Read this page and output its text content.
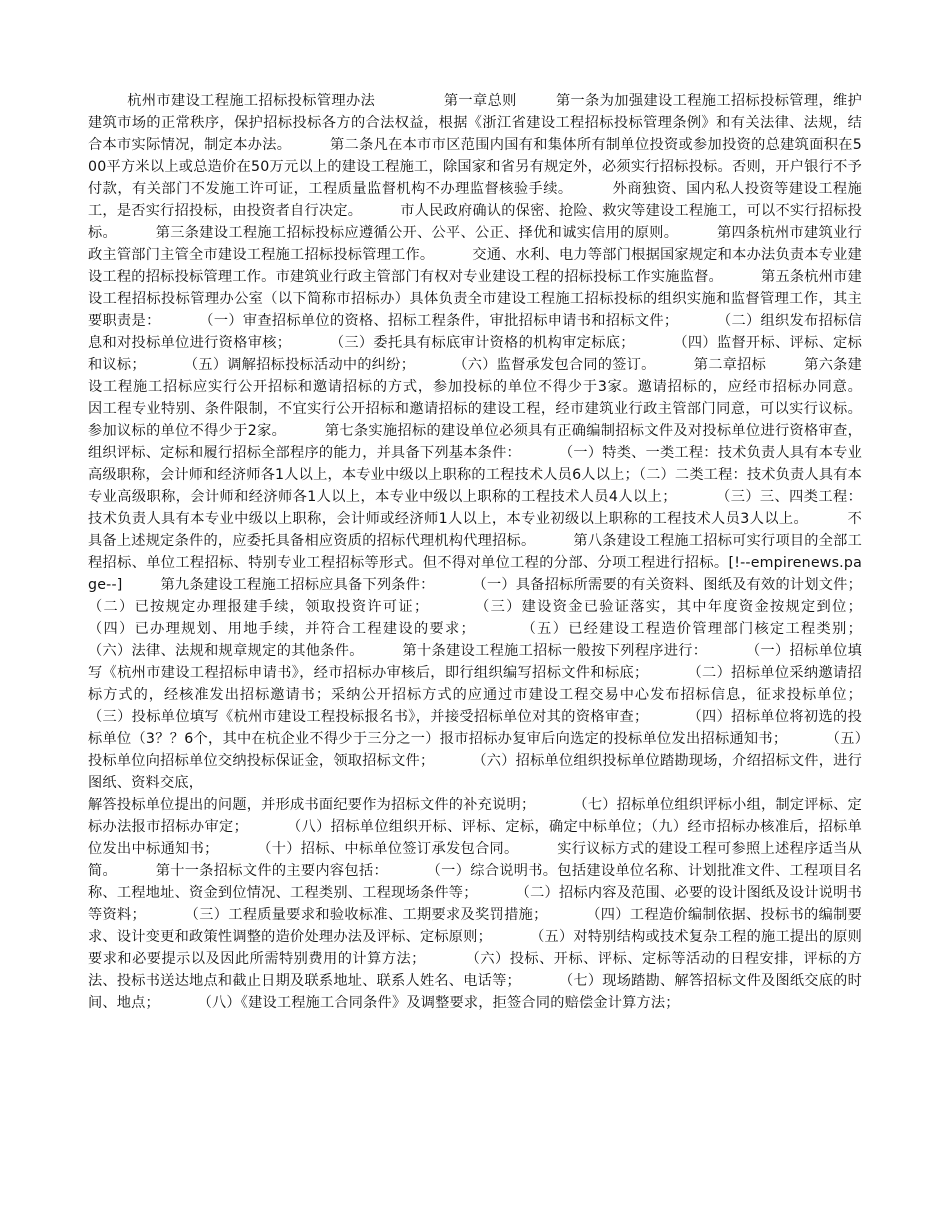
杭州市建设工程施工招标投标管理办法              第一章总则        第一条为加强建设工程施工招标投标管理，维护建筑市场的正常秩序，保护招标投标各方的合法权益，根据《浙江省建设工程招标投标管理条例》和有关法律、法规，结合本市实际情况，制定本办法。        第二条凡在本市市区范围内国有和集体所有制单位投资或参加投资的总建筑面积在500平方米以上或总造价在50万元以上的建设工程施工，除国家和省另有规定外，必须实行招标投标。否则，开户银行不予付款，有关部门不发施工许可证，工程质量监督机构不办理监督核验手续。        外商独资、国内私人投资等建设工程施工，是否实行招投标，由投资者自行决定。        市人民政府确认的保密、抢险、救灾等建设工程施工，可以不实行招标投标。        第三条建设工程施工招标投标应遵循公开、公平、公正、择优和诚实信用的原则。        第四条杭州市建筑业行政主管部门主管全市建设工程施工招标投标管理工作。        交通、水利、电力等部门根据国家规定和本办法负责本专业建设工程的招标投标管理工作。市建筑业行政主管部门有权对专业建设工程的招标投标工作实施监督。        第五条杭州市建设工程招标投标管理办公室（以下简称市招标办）具体负责全市建设工程施工招标投标的组织实施和监督管理工作，其主要职责是：        （一）审查招标单位的资格、招标工程条件，审批招标申请书和招标文件；        （二）组织发布招标信息和对投标单位进行资格审核；        （三）委托具有标底审计资格的机构审定标底；        （四）监督开标、评标、定标和议标；        （五）调解招标投标活动中的纠纷；        （六）监督承发包合同的签订。        第二章招标        第六条建设工程施工招标应实行公开招标和邀请招标的方式，参加投标的单位不得少于3家。邀请招标的，应经市招标办同意。        因工程专业特别、条件限制，不宜实行公开招标和邀请招标的建设工程，经市建筑业行政主管部门同意，可以实行议标。参加议标的单位不得少于2家。        第七条实施招标的建设单位必须具有正确编制招标文件及对投标单位进行资格审查，组织评标、定标和履行招标全部程序的能力，并具备下列基本条件：        （一）特类、一类工程：技术负责人具有本专业高级职称，会计师和经济师各1人以上，本专业中级以上职称的工程技术人员6人以上；（二）二类工程：技术负责人具有本专业高级职称，会计师和经济师各1人以上，本专业中级以上职称的工程技术人员4人以上；        （三）三、四类工程：技术负责人具有本专业中级以上职称，会计师或经济师1人以上，本专业初级以上职称的工程技术人员3人以上。        不具备上述规定条件的，应委托具备相应资质的招标代理机构代理招标。        第八条建设工程施工招标可实行项目的全部工程招标、单位工程招标、特别专业工程招标等形式。但不得对单位工程的分部、分项工程进行招标。[!--empirenews.page--]        第九条建设工程施工招标应具备下列条件：        （一）具备招标所需要的有关资料、图纸及有效的计划文件；（二）已按规定办理报建手续，领取投资许可证；        （三）建设资金已验证落实，其中年度资金按规定到位；        （四）已办理规划、用地手续，并符合工程建设的要求；        （五）已经建设工程造价管理部门核定工程类别；        （六）法律、法规和规章规定的其他条件。        第十条建设工程施工招标一般按下列程序进行：        （一）招标单位填写《杭州市建设工程招标申请书》，经市招标办审核后，即行组织编写招标文件和标底；        （二）招标单位采纳邀请招标方式的，经核准发出招标邀请书；采纳公开招标方式的应通过市建设工程交易中心发布招标信息，征求投标单位；        （三）投标单位填写《杭州市建设工程投标报名书》，并接受招标单位对其的资格审查；        （四）招标单位将初选的投标单位（3？？6个，其中在杭企业不得少于三分之一）报市招标办复审后向选定的投标单位发出招标通知书；        （五）投标单位向招标单位交纳投标保证金，领取招标文件；        （六）招标单位组织投标单位踏勘现场，介绍招标文件，进行图纸、资料交底，

解答投标单位提出的问题，并形成书面纪要作为招标文件的补充说明；        （七）招标单位组织评标小组，制定评标、定标办法报市招标办审定；        （八）招标单位组织开标、评标、定标，确定中标单位；（九）经市招标办核准后，招标单位发出中标通知书；        （十）招标、中标单位签订承发包合同。        实行议标方式的建设工程可参照上述程序适当从简。        第十一条招标文件的主要内容包括：        （一）综合说明书。包括建设单位名称、计划批准文件、工程项目名称、工程地址、资金到位情况、工程类别、工程现场条件等；        （二）招标内容及范围、必要的设计图纸及设计说明书等资料；        （三）工程质量要求和验收标准、工期要求及奖罚措施；        （四）工程造价编制依据、投标书的编制要求、设计变更和政策性调整的造价处理办法及评标、定标原则；        （五）对特别结构或技术复杂工程的施工提出的原则要求和必要提示以及因此所需特别费用的计算方法；        （六）投标、开标、评标、定标等活动的日程安排，评标的方法、投标书送达地点和截止日期及联系地址、联系人姓名、电话等；        （七）现场踏勘、解答招标文件及图纸交底的时间、地点；        （八）《建设工程施工合同条件》及调整要求，拒签合同的赔偿金计算方法；
